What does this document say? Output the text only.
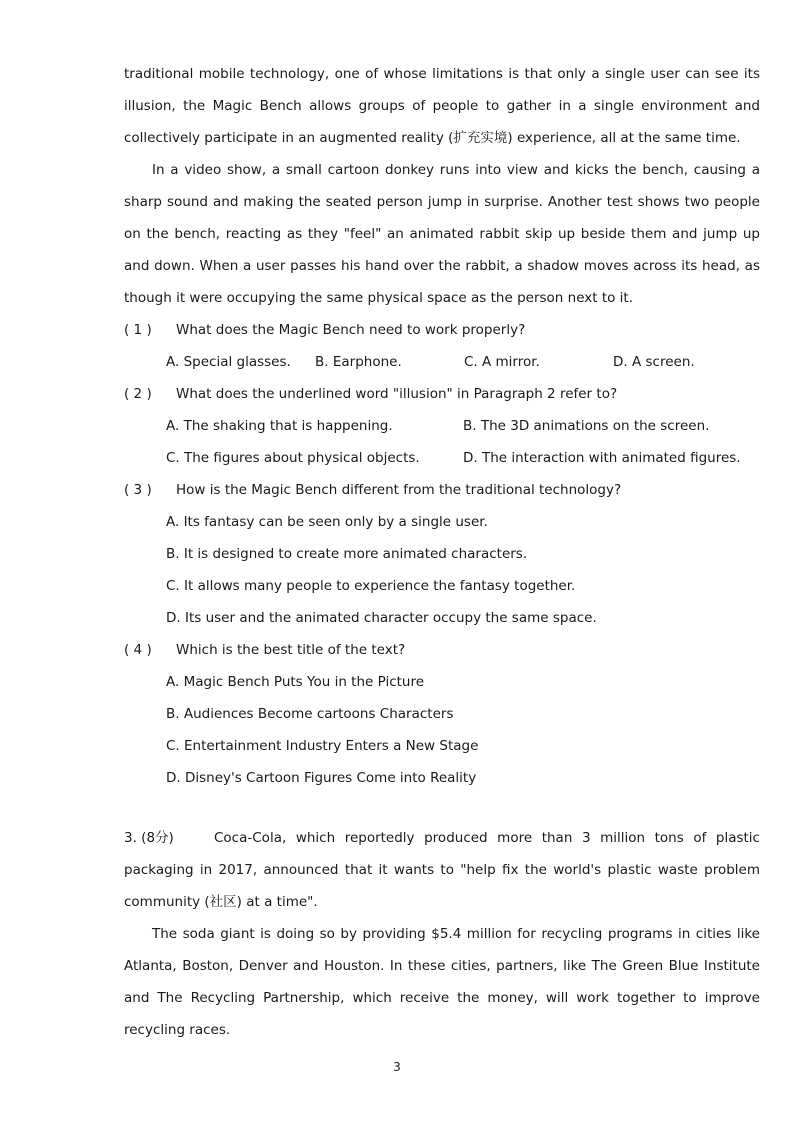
traditional mobile technology, one of whose limitations is that only a single user can see its
illusion, the Magic Bench allows groups of people to gather in a single environment and
collectively participate in an augmented reality (扩充实境) experience, all at the same time.
In a video show, a small cartoon donkey runs into view and kicks the bench, causing a
sharp sound and making the seated person jump in surprise. Another test shows two people
on the bench, reacting as they "feel" an animated rabbit skip up beside them and jump up
and down. When a user passes his hand over the rabbit, a shadow moves across its head, as
though it were occupying the same physical space as the person next to it.
( 1 ) What does the Magic Bench need to work properly?
A. Special glasses.	B. Earphone.	C. A mirror.	D. A screen.
( 2 ) What does the underlined word "illusion" in Paragraph 2 refer to?
A. The shaking that is happening.	B. The 3D animations on the screen.
C. The figures about physical objects.	D. The interaction with animated figures.
( 3 ) How is the Magic Bench different from the traditional technology?
A. Its fantasy can be seen only by a single user.
B. It is designed to create more animated characters.
C. It allows many people to experience the fantasy together.
D. Its user and the animated character occupy the same space.
( 4 ) Which is the best title of the text?
A. Magic Bench Puts You in the Picture
B. Audiences Become cartoons Characters
C. Entertainment Industry Enters a New Stage
D. Disney's Cartoon Figures Come into Reality
3. (8分)	Coca-Cola, which reportedly produced more than 3 million tons of plastic
packaging in 2017, announced that it wants to "help fix the world's plastic waste problem
community (社区) at a time".
The soda giant is doing so by providing $5.4 million for recycling programs in cities like
Atlanta, Boston, Denver and Houston. In these cities, partners, like The Green Blue Institute
and The Recycling Partnership, which receive the money, will work together to improve
recycling races.
3
